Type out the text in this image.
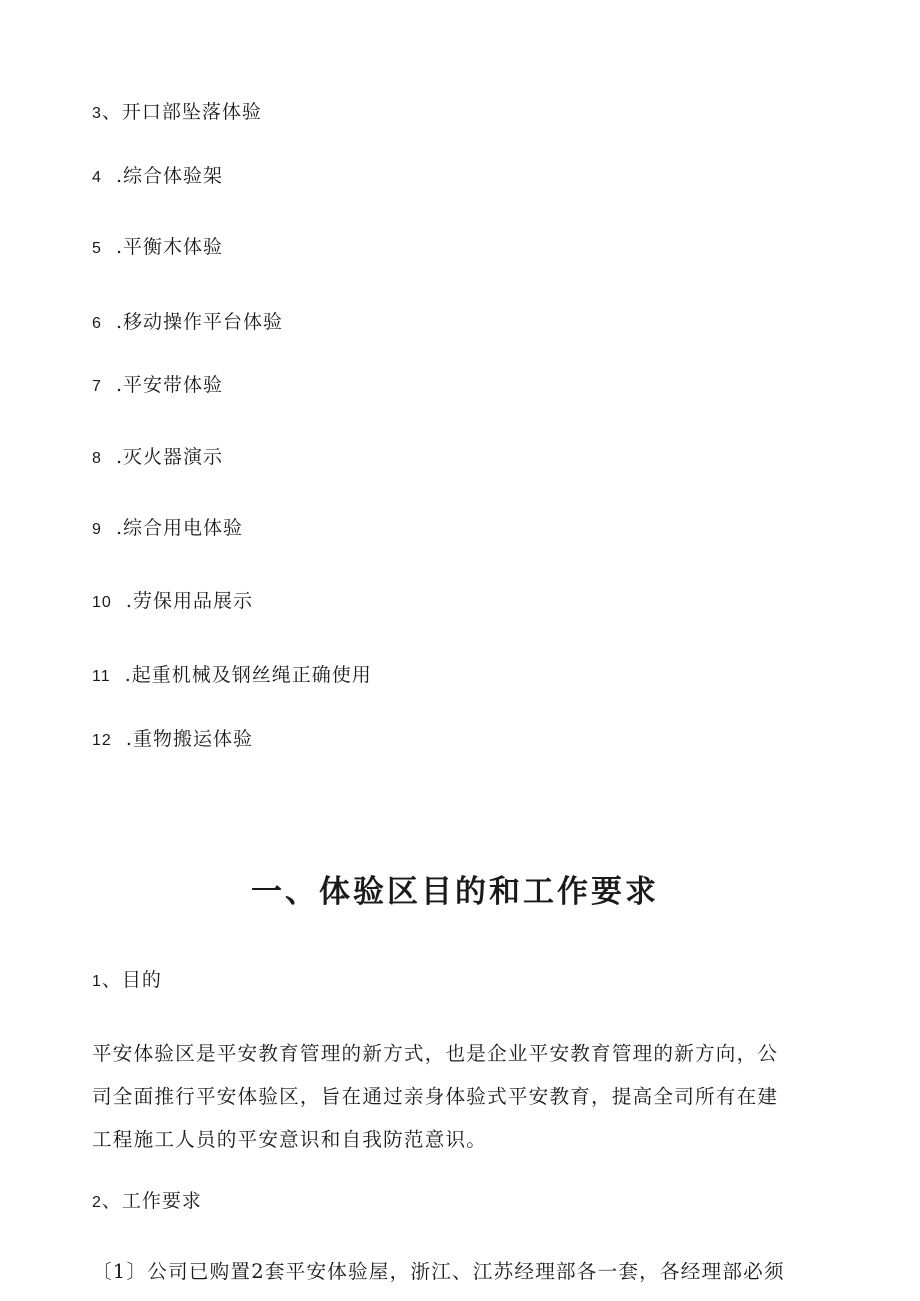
3、开口部坠落体验
4 .综合体验架
5 .平衡木体验
6 .移动操作平台体验
7 .平安带体验
8 .灭火器演示
9 .综合用电体验
10 .劳保用品展示
11 .起重机械及钢丝绳正确使用
12 .重物搬运体验
一、体验区目的和工作要求
1、目的
平安体验区是平安教育管理的新方式，也是企业平安教育管理的新方向，公
司全面推行平安体验区，旨在通过亲身体验式平安教育，提高全司所有在建
工程施工人员的平安意识和自我防范意识。
2、工作要求
〔1〕公司已购置2套平安体验屋，浙江、江苏经理部各一套，各经理部必须
